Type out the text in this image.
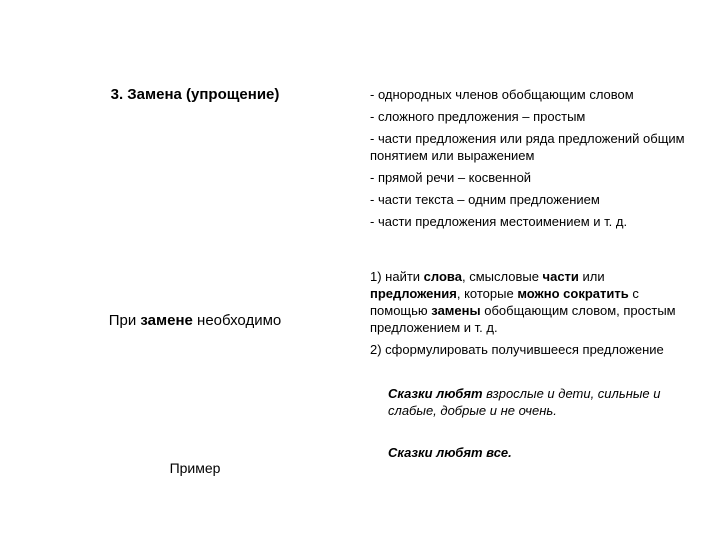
3. Замена (упрощение)
При замене необходимо
Пример

- однородных членов обобщающим словом

- сложного предложения – простым

- части предложения или ряда предложений общим понятием или выражением

- прямой речи – косвенной

- части текста – одним предложением

- части предложения местоимением и т. д.

1) найти слова, смысловые части или предложения, которые можно сократить с помощью замены обобщающим словом, простым предложением и т. д.

2) сформулировать получившееся предложение

Сказки любят взрослые и дети, сильные и слабые, добрые и не очень.
Сказки любят все.
